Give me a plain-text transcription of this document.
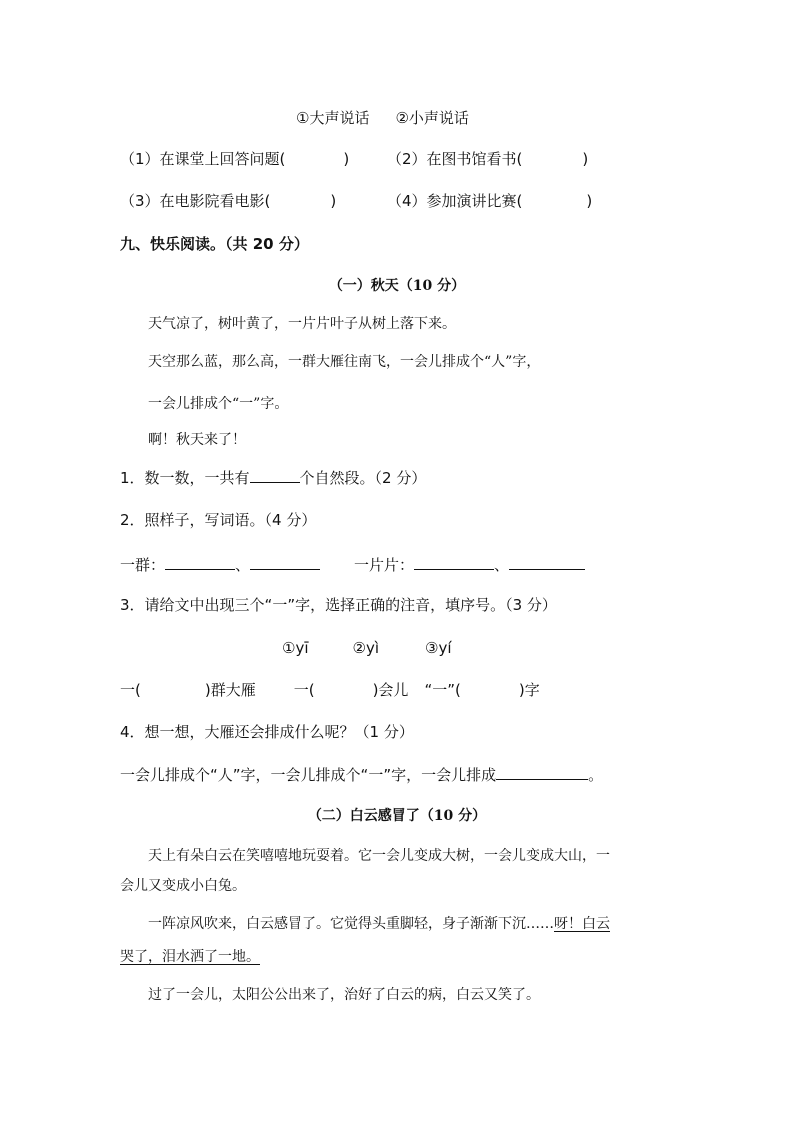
①大声说话 ②小声说话
（1）在课堂上回答问题(	)	（2）在图书馆看书(	)
（3）在电影院看电影(	)	（4）参加演讲比赛(	)
九、快乐阅读。（共 20 分）
（一）秋天（10 分）
天气凉了，树叶黄了，一片片叶子从树上落下来。
天空那么蓝，那么高，一群大雁往南飞，一会儿排成个“人”字，
一会儿排成个“一”字。
啊！秋天来了！
1．数一数，一共有	个自然段。（2 分）
2．照样子，写词语。（4 分）
一群：	、	一片片：	、
3．请给文中出现三个“一”字，选择正确的注音，填序号。（3 分）
①yī	②yì	③yí
一(	)群大雁	一(	)会儿 “一”(	)字
4．想一想，大雁还会排成什么呢？（1 分）
一会儿排成个“人”字，一会儿排成个“一”字，一会儿排成	。
（二）白云感冒了（10 分）
天上有朵白云在笑嘻嘻地玩耍着。它一会儿变成大树，一会儿变成大山，一
会儿又变成小白兔。
一阵凉风吹来，白云感冒了。它觉得头重脚轻，身子渐渐下沉……呀！白云
哭了，泪水洒了一地。
过了一会儿，太阳公公出来了，治好了白云的病，白云又笑了。
